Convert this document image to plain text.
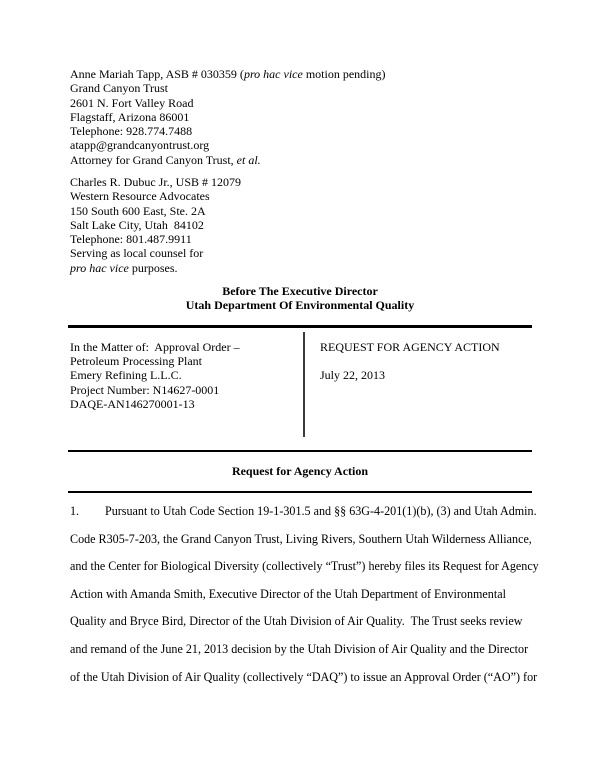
Anne Mariah Tapp, ASB # 030359 (pro hac vice motion pending)
Grand Canyon Trust
2601 N. Fort Valley Road
Flagstaff, Arizona 86001
Telephone: 928.774.7488
atapp@grandcanyontrust.org
Attorney for Grand Canyon Trust, et al.
Charles R. Dubuc Jr., USB # 12079
Western Resource Advocates
150 South 600 East, Ste. 2A
Salt Lake City, Utah  84102
Telephone: 801.487.9911
Serving as local counsel for
pro hac vice purposes.
Before The Executive Director
Utah Department Of Environmental Quality
In the Matter of:  Approval Order –
Petroleum Processing Plant
Emery Refining L.L.C.
Project Number: N14627-0001
DAQE-AN146270001-13
REQUEST FOR AGENCY ACTION
July 22, 2013
Request for Agency Action
1. Pursuant to Utah Code Section 19-1-301.5 and §§ 63G-4-201(1)(b), (3) and Utah Admin.
Code R305-7-203, the Grand Canyon Trust, Living Rivers, Southern Utah Wilderness Alliance,
and the Center for Biological Diversity (collectively “Trust”) hereby files its Request for Agency
Action with Amanda Smith, Executive Director of the Utah Department of Environmental
Quality and Bryce Bird, Director of the Utah Division of Air Quality.  The Trust seeks review
and remand of the June 21, 2013 decision by the Utah Division of Air Quality and the Director
of the Utah Division of Air Quality (collectively “DAQ”) to issue an Approval Order (“AO”) for
